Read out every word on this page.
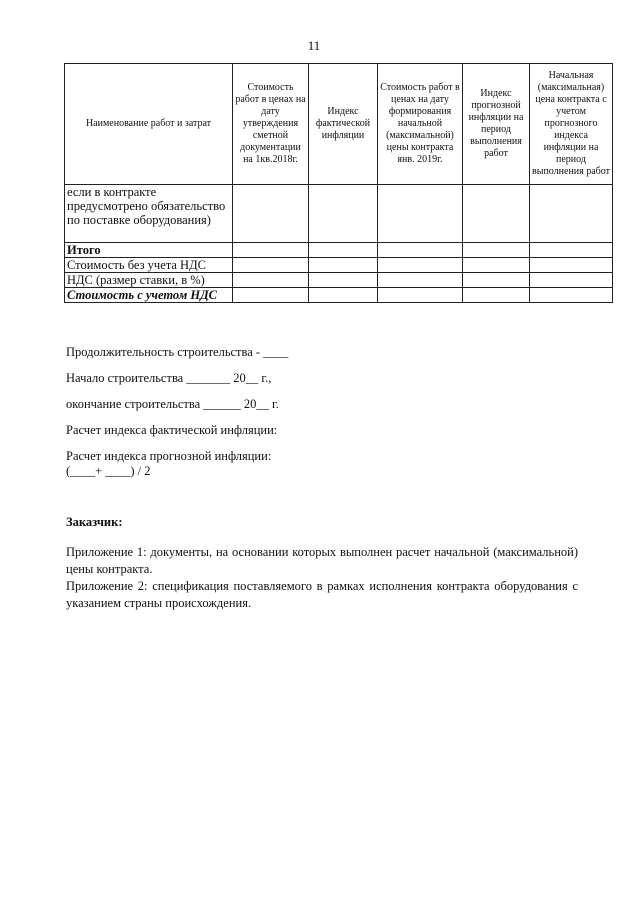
11
Наименование работ и затрат	Стоимость работ в ценах на дату утверждения сметной документации на 1кв.2018г.	Индекс фактической инфляции	Стоимость работ в ценах на дату формирования начальной (максимальной) цены контракта янв. 2019г.	Индекс прогнозной инфляции на период выполнения работ	Начальная (максимальная) цена контракта с учетом прогнозного индекса инфляции на период выполнения работ
если в контракте предусмотрено обязательство по поставке оборудования)					
Итого					
Стоимость без учета НДС					
НДС (размер ставки, в %)					
Стоимость с учетом НДС					

Продолжительность строительства - ____

Начало строительства _______ 20__ г.,

окончание строительства ______ 20__ г.

Расчет индекса фактической инфляции:

Расчет индекса прогнозной инфляции:

(____+ ____) / 2

Заказчик:

Приложение 1: документы, на основании которых выполнен расчет начальной (максимальной) цены контракта.

Приложение 2: спецификация поставляемого в рамках исполнения контракта оборудования с указанием страны происхождения.
